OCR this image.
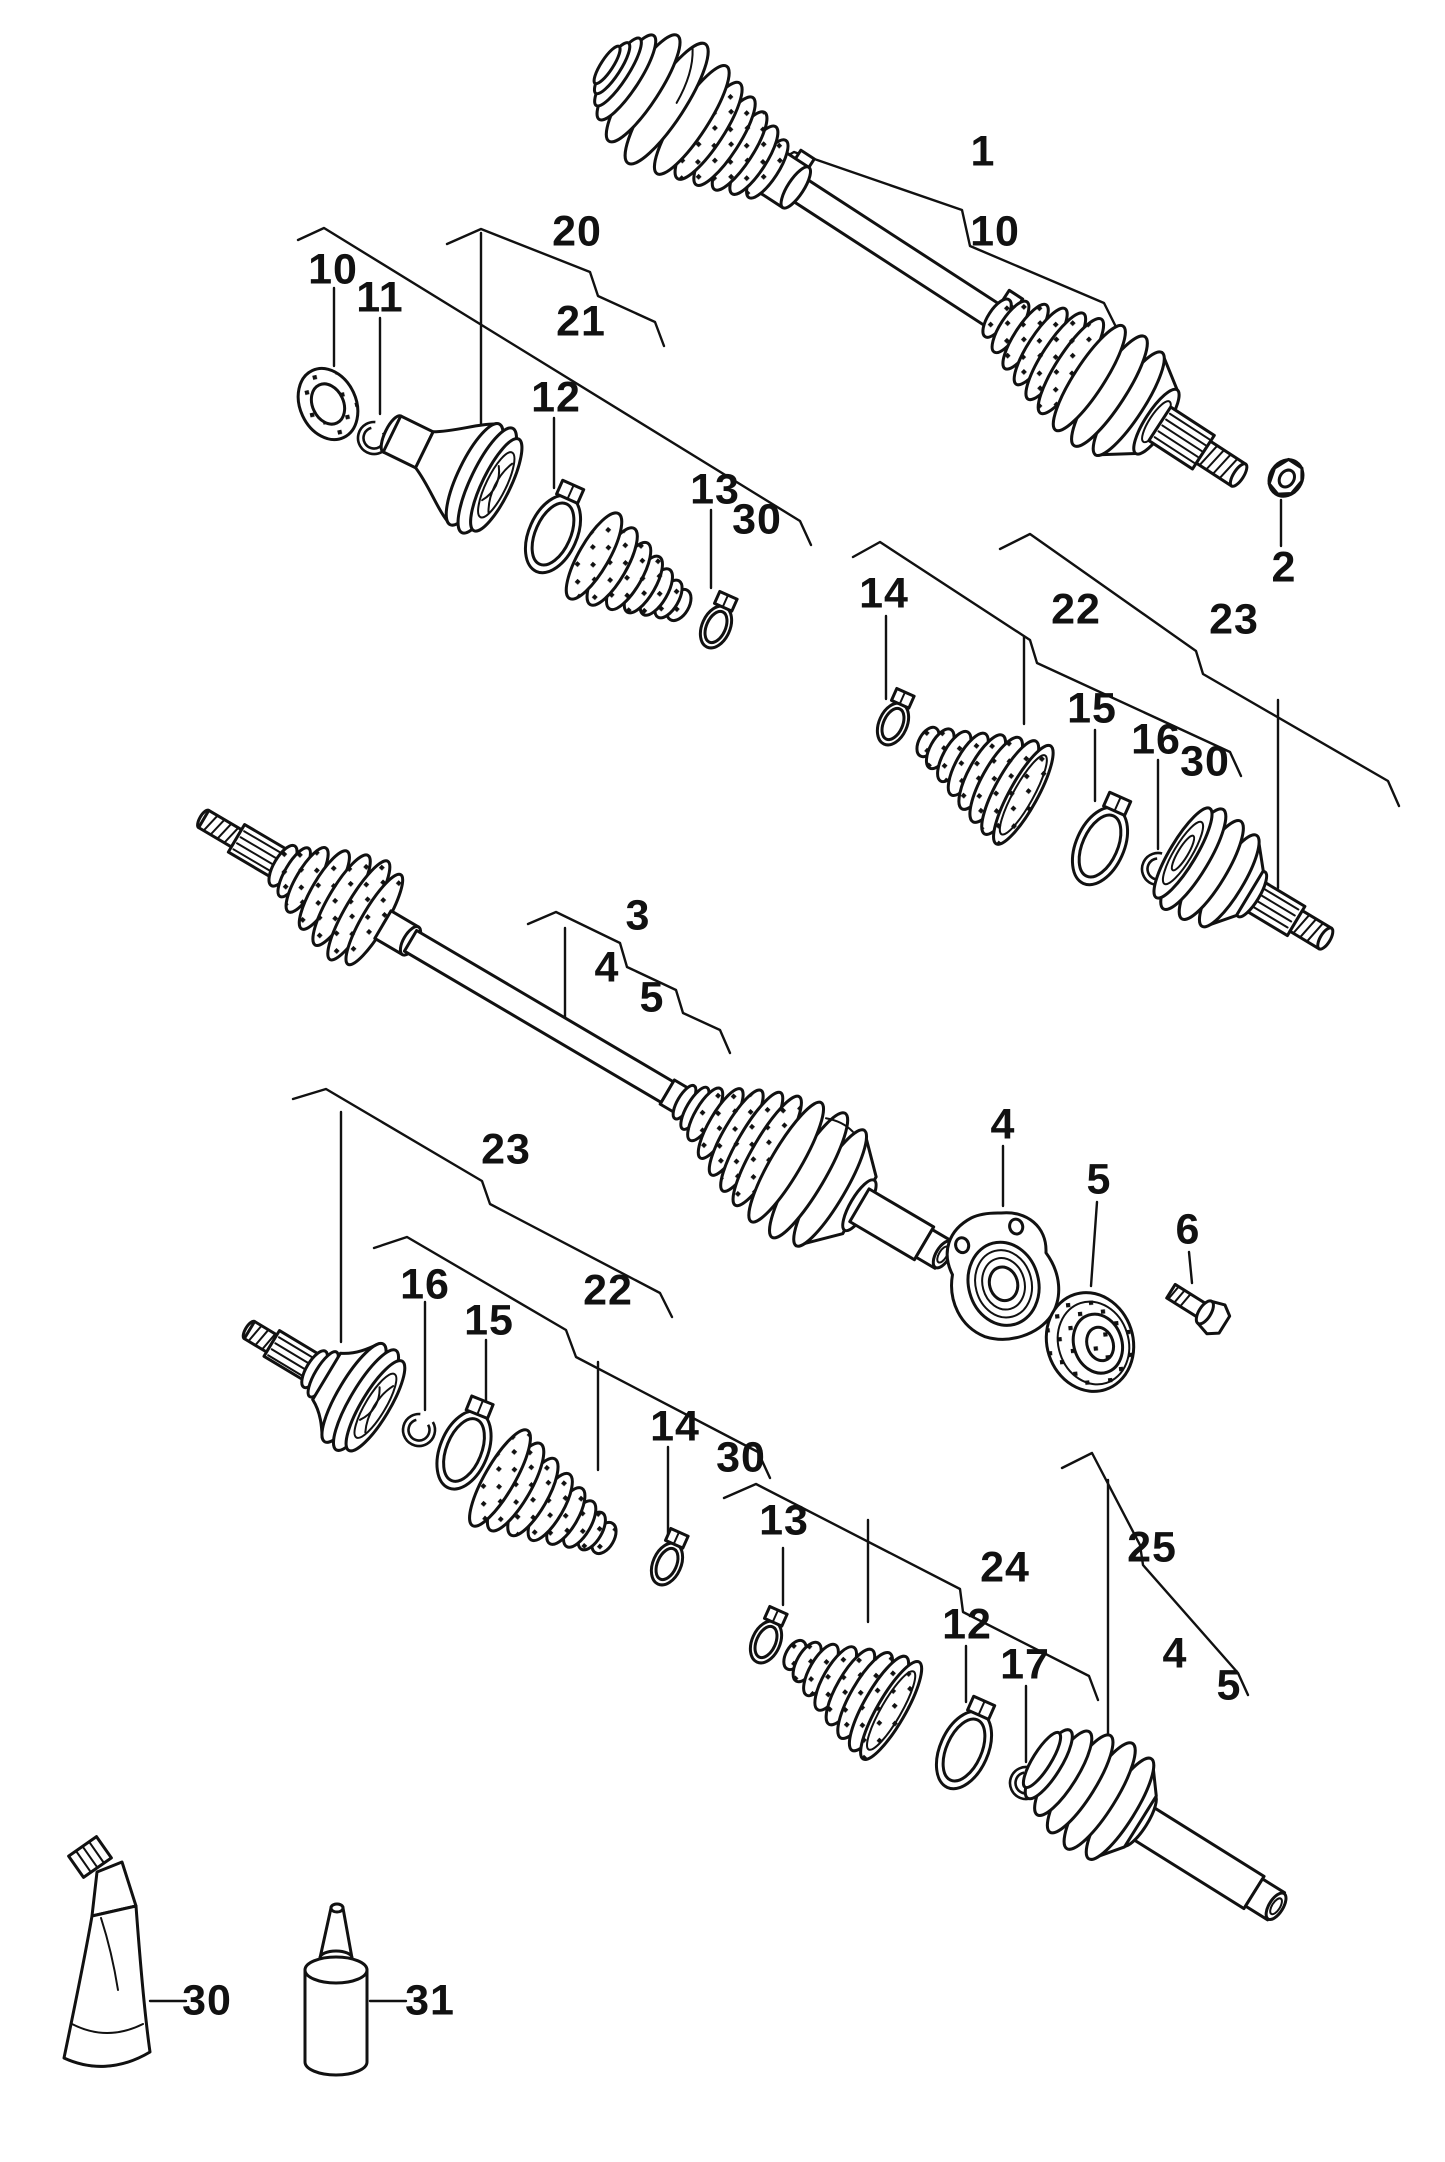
1
10
2
10
11
20
21
12
13
30
14	22	23
15
16 30
3
4
5
4
5
6
23
16
15
22
14
30
13
24
12
17
25
4
5
30	31
